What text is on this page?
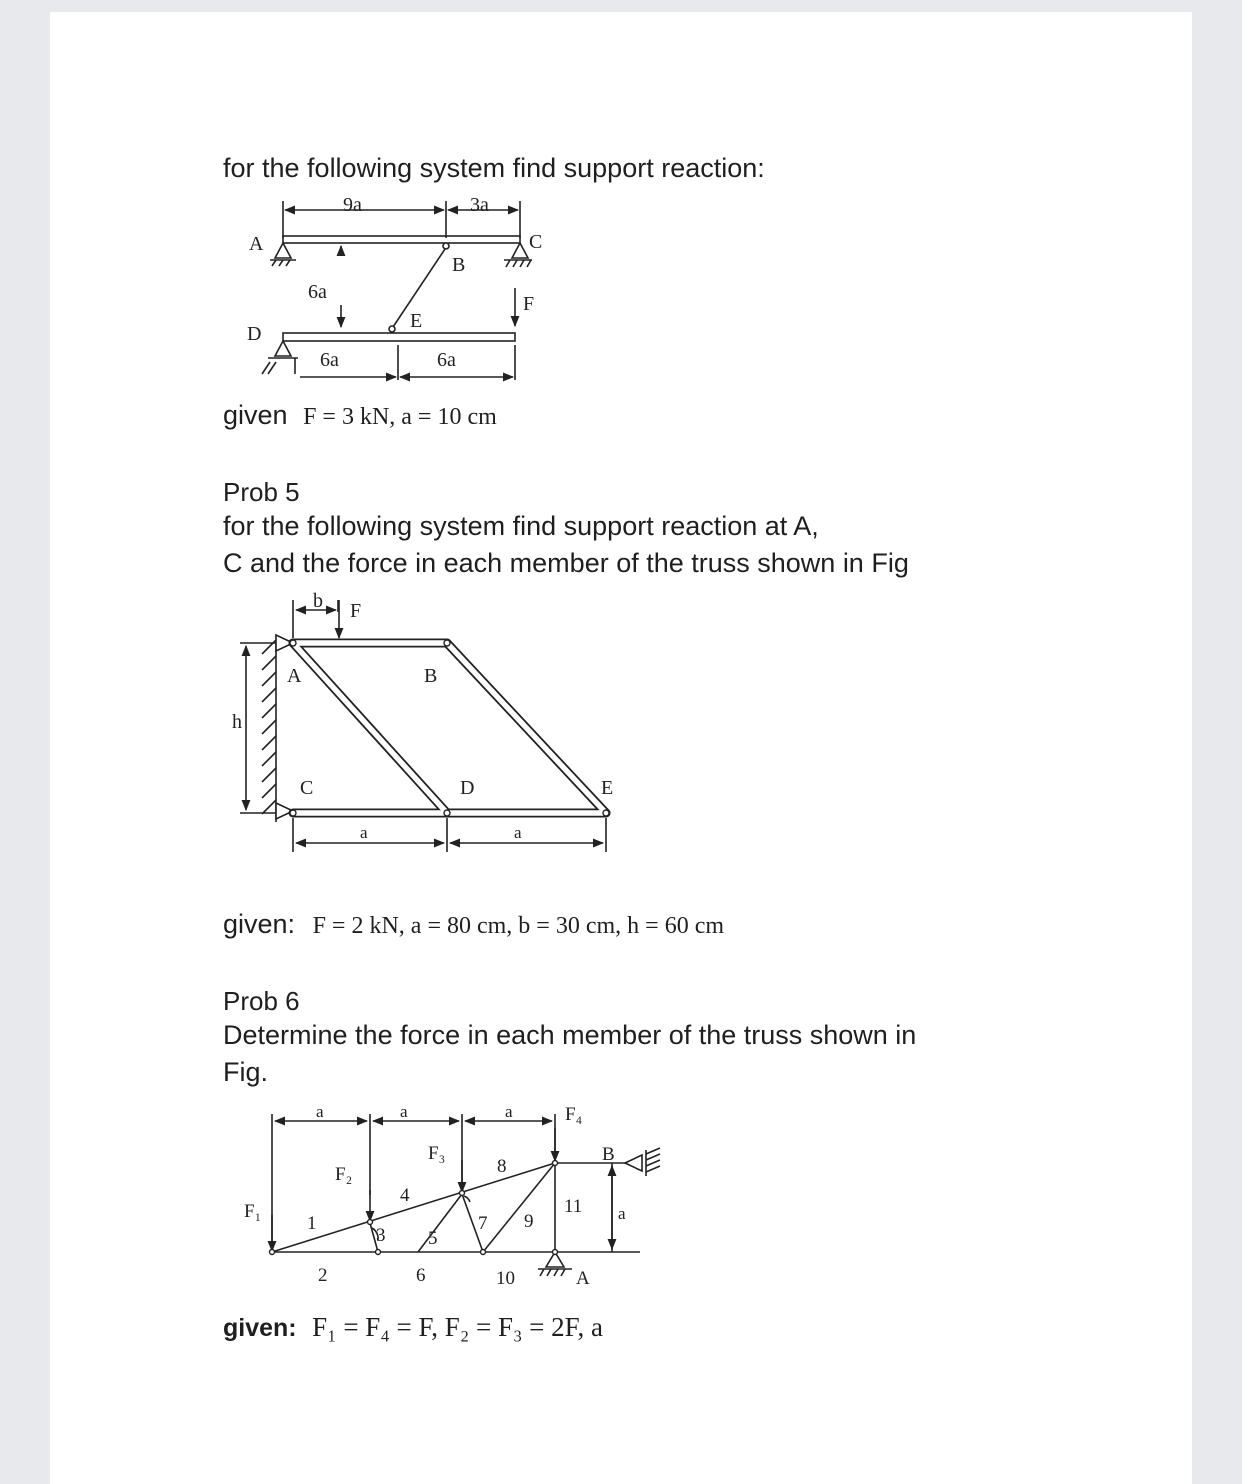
for the following system find support reaction:
9a	3a
A
B
C
F
6a
E
D
6a	6a
given F = 3 kN, a = 10 cm
Prob 5
for the following system find support reaction at A,
C and the force in each member of the truss shown in Fig
b F
A	B
h
C	D	E
a	a
given: F = 2 kN, a = 80 cm, b = 30 cm, h = 60 cm
Prob 6
Determine the force in each member of the truss shown in
Fig.
a	a	a	F₄
F₃
F₂
F₁
B
a
1
2
3
4
5
6
7
8
9
10
11
A
given: F₁ = F₄ = F, F₂ = F₃ = 2F, a
